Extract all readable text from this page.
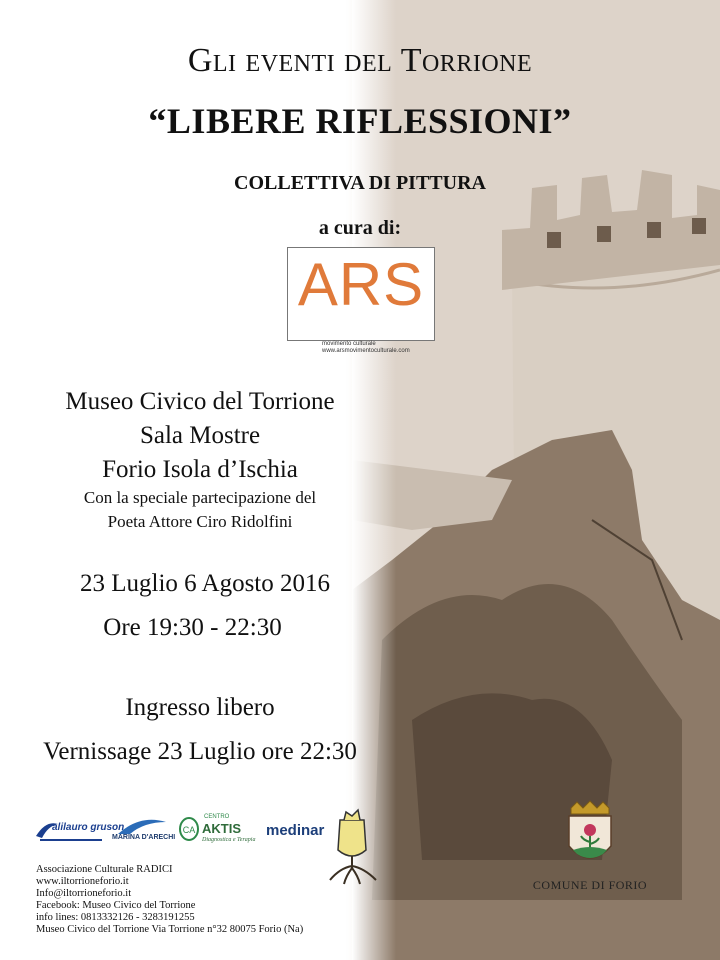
Gli eventi del Torrione
“LIBERE RIFLESSIONI”
COLLETTIVA DI PITTURA
a cura di:
ARS
movimento culturale
www.arsmovimentoculturale.com
Museo Civico del Torrione
Sala Mostre
Forio Isola d’Ischia
Con la speciale partecipazione del
Poeta Attore Ciro Ridolfini
23 Luglio 6 Agosto 2016
Ore 19:30 - 22:30
Ingresso libero
Vernissage 23 Luglio ore 22:30
alilauro gruson
MARINA D'ARECHI
CA
CENTRO
AKTIS
Diagnostica e Terapia
medinar
COMUNE DI FORIO
Associazione Culturale RADICI
www.iltorrioneforio.it
Info@iltorrioneforio.it
Facebook: Museo Civico del Torrione
info lines: 0813332126 - 3283191255
Museo Civico del Torrione Via Torrione n°32 80075 Forio (Na)
